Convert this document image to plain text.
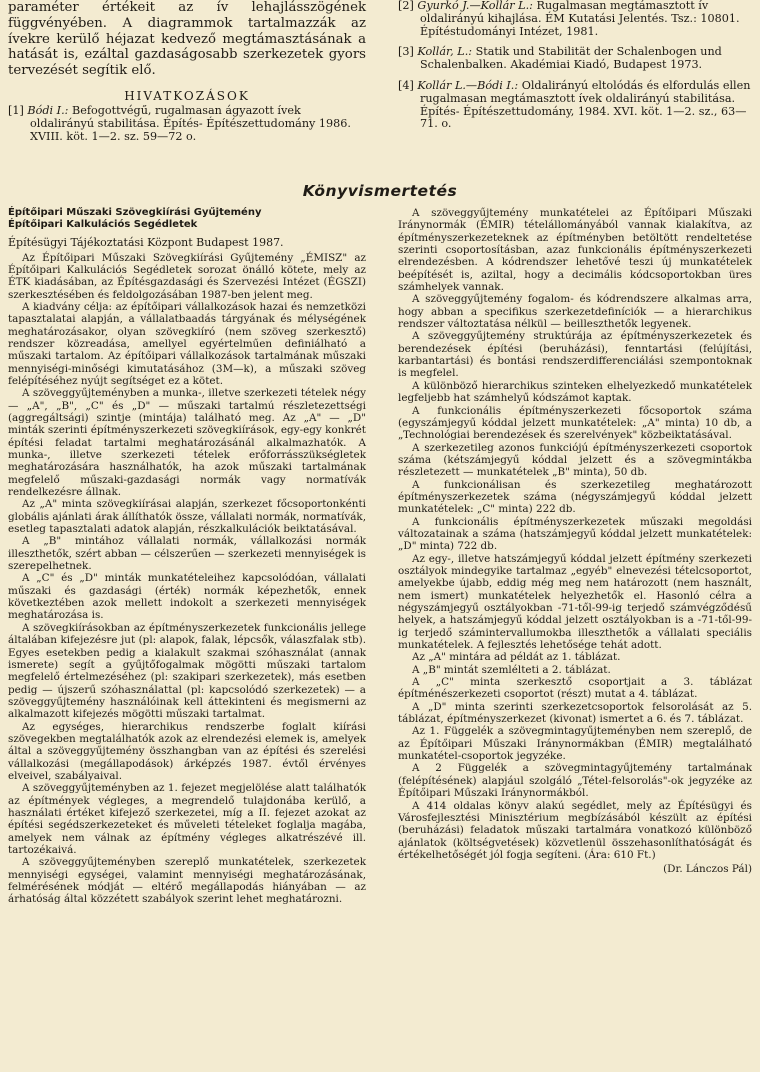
paraméter értékeit az ív lehajlásszögének függvényében. A diagrammok tartalmazzák az ívekre kerülő héjazat kedvező megtámasztásának a hatását is, ezáltal gazdaságosabb szerkezetek gyors tervezését segítik elő.

HIVATKOZÁSOK
[1] Bódi I.: Befogottvégű, rugalmasan ágyazott ívek oldalirányú stabilitása. Építés- Építészettudomány 1986. XVIII. köt. 1—2. sz. 59—72 o.
[2] Gyurkó J.—Kollár L.: Rugalmasan megtámasztott ív oldalirányú kihajlása. ÉM Kutatási Jelentés. Tsz.: 10801. Építéstudományi Intézet, 1981.
[3] Kollár, L.: Statik und Stabilität der Schalenbogen und Schalenbalken. Akadémiai Kiadó, Budapest 1973.
[4] Kollár L.—Bódi I.: Oldalirányú eltolódás és elfordulás ellen rugalmasan megtámasztott ívek oldalirányú stabilitása. Építés- Építészettudomány, 1984. XVI. köt. 1—2. sz., 63—71. o.
Könyvismertetés

Építőipari Műszaki Szövegkiírási Gyűjtemény

Építőipari Kalkulációs Segédletek

Építésügyi Tájékoztatási Központ Budapest 1987.

Az Építőipari Műszaki Szövegkiírási Gyűjtemény „ÉMISZ" az Építőipari Kalkulációs Segédletek sorozat önálló kötete, mely az ÉTK kiadásában, az Építésgazdasági és Szervezési Intézet (ÉGSZI) szerkesztésében és feldolgozásában 1987-ben jelent meg.

A kiadvány célja: az építőipari vállalkozások hazai és nemzetközi tapasztalatai alapján, a vállalatbaadás tárgyának és mélységének meghatározásakor, olyan szövegkiíró (nem szöveg szerkesztő) rendszer közreadása, amellyel egyértelműen definiálható a műszaki tartalom. Az építőipari vállalkozások tartalmának műszaki mennyiségi-minőségi kimutatásához (3M—k), a műszaki szöveg felépítéséhez nyújt segítséget ez a kötet.

A szöveggyűjteményben a munka-, illetve szerkezeti tételek négy — „A", „B", „C" és „D" — műszaki tartalmú részletezettségi (aggregáltsági) szintje (mintája) található meg. Az „A" — „D" minták szerinti építményszerkezeti szövegkiírások, egy-egy konkrét építési feladat tartalmi meghatározásánál alkalmazhatók. A munka-, illetve szerkezeti tételek erőforrásszükségletek meghatározására használhatók, ha azok műszaki tartalmának megfelelő műszaki-gazdasági normák vagy normatívák rendelkezésre állnak.

Az „A" minta szövegkiírásai alapján, szerkezet főcsoportonkénti globális ajánlati árak állíthatók össze, vállalati normák, normatívák, esetleg tapasztalati adatok alapján, részkalkulációk beiktatásával.

A „B" mintához vállalati normák, vállalkozási normák illeszthetők, szért abban — célszerűen — szerkezeti mennyiségek is szerepelhetnek.

A „C" és „D" minták munkatételeihez kapcsolódóan, vállalati műszaki és gazdasági (érték) normák képezhetők, ennek következtében azok mellett indokolt a szerkezeti mennyiségek meghatározása is.

A szövegkiírásokban az építményszerkezetek funkcionális jellege általában kifejezésre jut (pl: alapok, falak, lépcsők, válaszfalak stb). Egyes esetekben pedig a kialakult szakmai szóhasználat (annak ismerete) segít a gyűjtőfogalmak mögötti műszaki tartalom megfelelő értelmezéséhez (pl: szakipari szerkezetek), más esetben pedig — újszerű szóhasználattal (pl: kapcsolódó szerkezetek) — a szöveggyűjtemény használóinak kell áttekinteni és megismerni az alkalmazott kifejezés mögötti műszaki tartalmat.

Az egységes, hierarchikus rendszerbe foglalt kiírási szövegekben megtalálhatók azok az elrendezési elemek is, amelyek által a szöveggyűjtemény összhangban van az építési és szerelési vállalkozási (megállapodások) árképzés 1987. évtől érvényes elveivel, szabályaival.

A szöveggyűjteményben az 1. fejezet megjelölése alatt találhatók az építmények végleges, a megrendelő tulajdonába kerülő, a használati értéket kifejező szerkezetei, míg a II. fejezet azokat az építési segédszerkezeteket és műveleti tételeket foglalja magába, amelyek nem válnak az építmény végleges alkatrészévé ill. tartozékaivá.

A szöveggyűjteményben szereplő munkatételek, szerkezetek mennyiségi egységei, valamint mennyiségi meghatározásának, felmérésének módját — eltérő megállapodás hiányában — az árhatóság által közzétett szabályok szerint lehet meghatározni.

A szöveggyűjtemény munkatételei az Építőipari Műszaki Iránynormák (ÉMIR) tételállományából vannak kialakítva, az építményszerkezeteknek az építményben betöltött rendeltetése szerinti csoportosításban, azaz funkcionális építményszerkezeti elrendezésben. A kódrendszer lehetővé teszi új munkatételek beépítését is, aziltal, hogy a decimális kódcsoportokban üres számhelyek vannak.

A szöveggyűjtemény fogalom- és kódrendszere alkalmas arra, hogy abban a specifikus szerkezetdefiníciók — a hierarchikus rendszer változtatása nélkül — beilleszthetők legyenek.

A szöveggyűjtemény struktúrája az építményszerkezetek és berendezések építési (beruházási), fenntartási (felújítási, karbantartási) és bontási rendszerdifferenciálási szempontoknak is megfelel.

A különböző hierarchikus szinteken elhelyezkedő munkatételek legfeljebb hat számhelyű kódszámot kaptak.

A funkcionális építményszerkezeti főcsoportok száma (egyszámjegyű kóddal jelzett munkatételek: „A" minta) 10 db, a „Technológiai berendezések és szerelvények" közbeiktatásával.

A szerkezetileg azonos funkciójú építményszerkezeti csoportok száma (kétszámjegyű kóddal jelzett és a szövegmintákba részletezett — munkatételek „B" minta), 50 db.

A funkcionálisan és szerkezetileg meghatározott építményszerkezetek száma (négyszámjegyű kóddal jelzett munkatételek: „C" minta) 222 db.

A funkcionális építményszerkezetek műszaki megoldási változatainak a száma (hatszámjegyű kóddal jelzett munkatételek: „D" minta) 722 db.

Az egy-, illetve hatszámjegyű kóddal jelzett építmény szerkezeti osztályok mindegyike tartalmaz „egyéb" elnevezési tételcsoportot, amelyekbe újabb, eddig még meg nem határozott (nem használt, nem ismert) munkatételek helyezhetők el. Hasonló célra a négyszámjegyű osztályokban -71-től-99-ig terjedő számvégződésű helyek, a hatszámjegyű kóddal jelzett osztályokban is a -71-től-99-ig terjedő számintervallumokba illeszthetők a vállalati speciális munkatételek. A fejlesztés lehetősége tehát adott.

Az „A" mintára ad példát az 1. táblázat.

A „B" mintát szemlélteti a 2. táblázat.

A „C" minta szerkesztő csoportjait a 3. táblázat építménészerkezeti csoportot (részt) mutat a 4. táblázat.

A „D" minta szerinti szerkezetcsoportok felsorolását az 5. táblázat, építményszerkezet (kivonat) ismertet a 6. és 7. táblázat.

Az 1. Függelék a szövegmintagyűjteményben nem szereplő, de az Építőipari Műszaki Iránynormákban (ÉMIR) megtalálható munkatétel-csoportok jegyzéke.

A 2 Függelék a szövegmintagyűjtemény tartalmának (felépítésének) alapjául szolgáló „Tétel-felsorolás"-ok jegyzéke az Építőipari Műszaki Iránynormákból.

A 414 oldalas könyv alakú segédlet, mely az Építésügyi és Városfejlesztési Minisztérium megbízásából készült az építési (beruházási) feladatok műszaki tartalmára vonatkozó különböző ajánlatok (költségvetések) közvetlenül összehasonlíthatóságát és értékelhetőségét jól fogja segíteni. (Ára: 610 Ft.)

(Dr. Lánczos Pál)
